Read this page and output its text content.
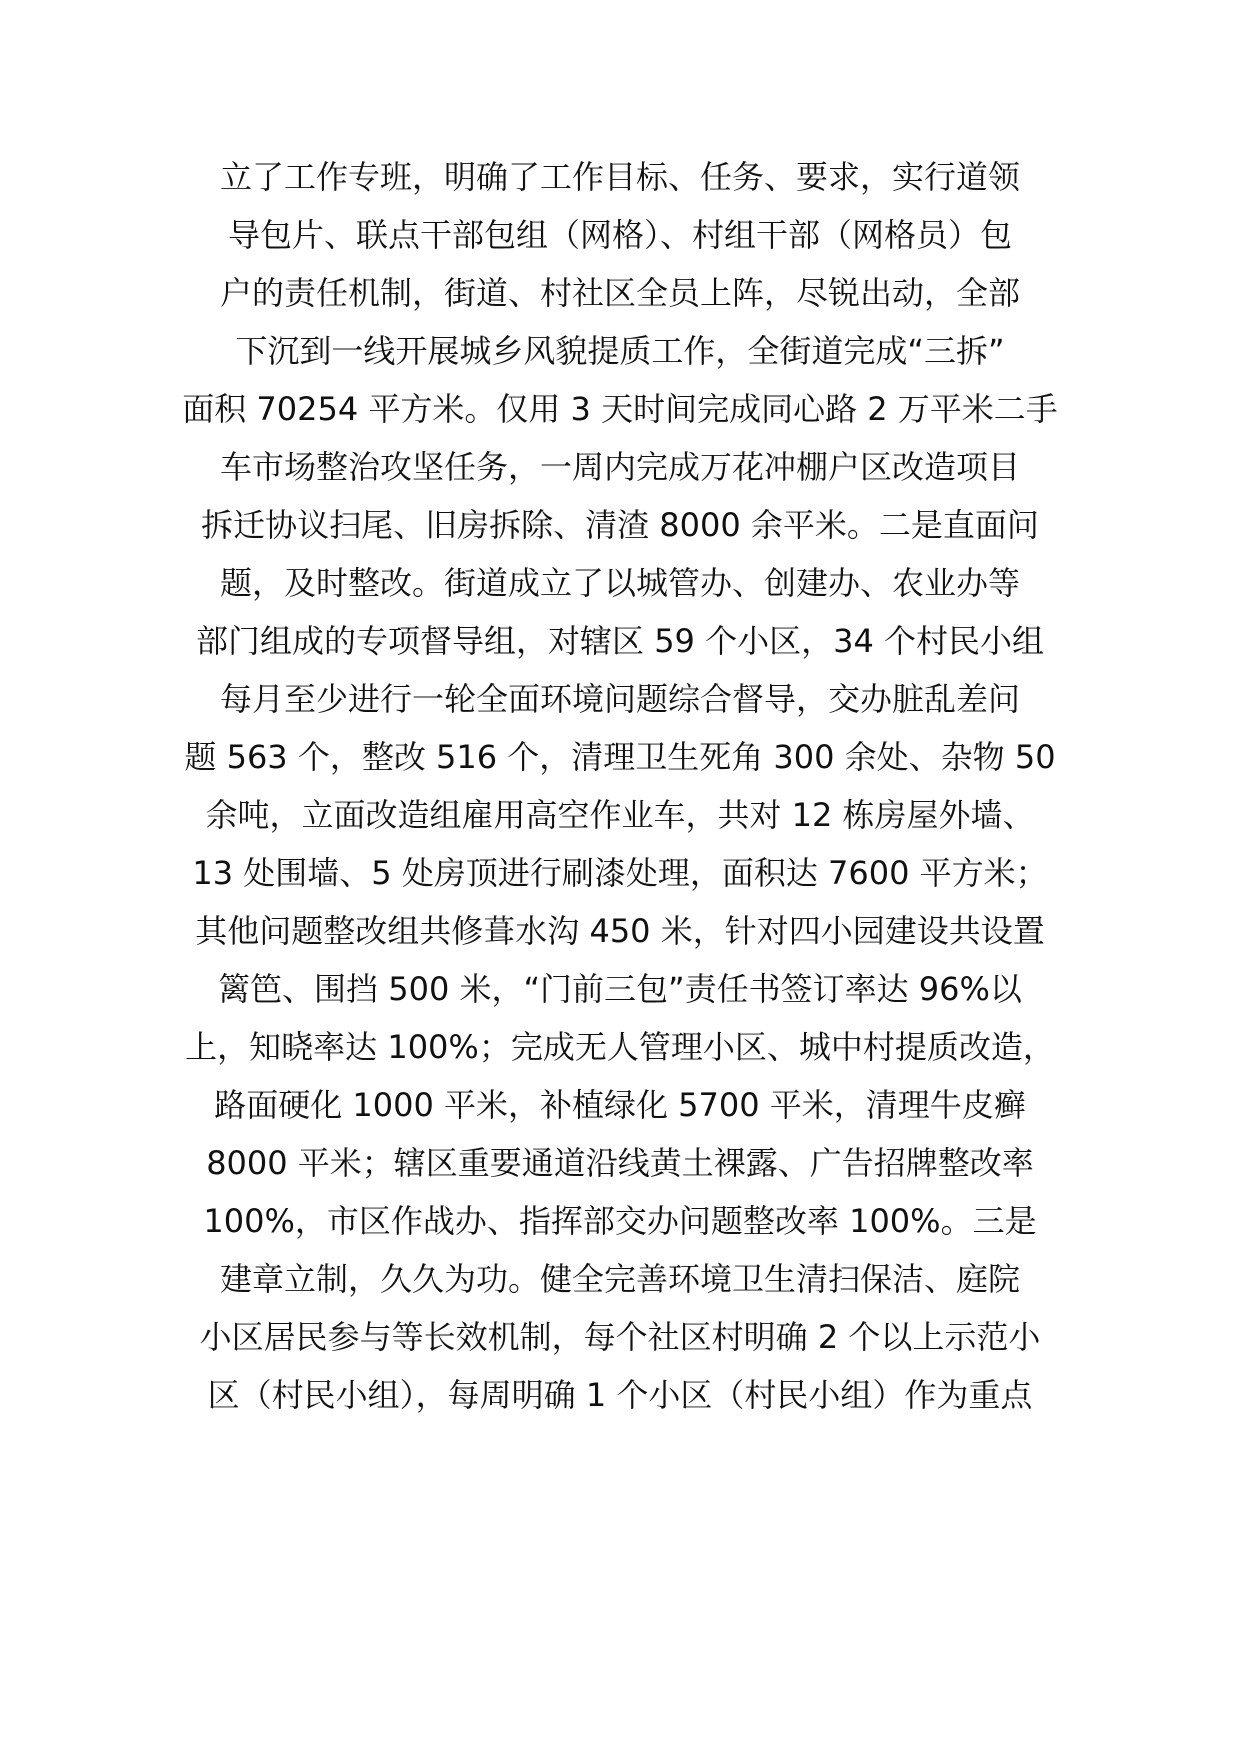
立了工作专班，明确了工作目标、任务、要求，实行道领
导包片、联点干部包组（网格）、村组干部（网格员）包
户的责任机制，街道、村社区全员上阵，尽锐出动，全部
下沉到一线开展城乡风貌提质工作，全街道完成“三拆”
面积 70254 平方米。仅用 3 天时间完成同心路 2 万平米二手
车市场整治攻坚任务，一周内完成万花冲棚户区改造项目
拆迁协议扫尾、旧房拆除、清渣 8000 余平米。二是直面问
题，及时整改。街道成立了以城管办、创建办、农业办等
部门组成的专项督导组，对辖区 59 个小区，34 个村民小组
每月至少进行一轮全面环境问题综合督导，交办脏乱差问
题 563 个，整改 516 个，清理卫生死角 300 余处、杂物 50
余吨，立面改造组雇用高空作业车，共对 12 栋房屋外墙、
13 处围墙、5 处房顶进行刷漆处理，面积达 7600 平方米；
其他问题整改组共修葺水沟 450 米，针对四小园建设共设置
篱笆、围挡 500 米，“门前三包”责任书签订率达 96%以
上，知晓率达 100%；完成无人管理小区、城中村提质改造，
路面硬化 1000 平米，补植绿化 5700 平米，清理牛皮癣
8000 平米；辖区重要通道沿线黄土裸露、广告招牌整改率
100%，市区作战办、指挥部交办问题整改率 100%。三是
建章立制，久久为功。健全完善环境卫生清扫保洁、庭院
小区居民参与等长效机制，每个社区村明确 2 个以上示范小
区（村民小组），每周明确 1 个小区（村民小组）作为重点
